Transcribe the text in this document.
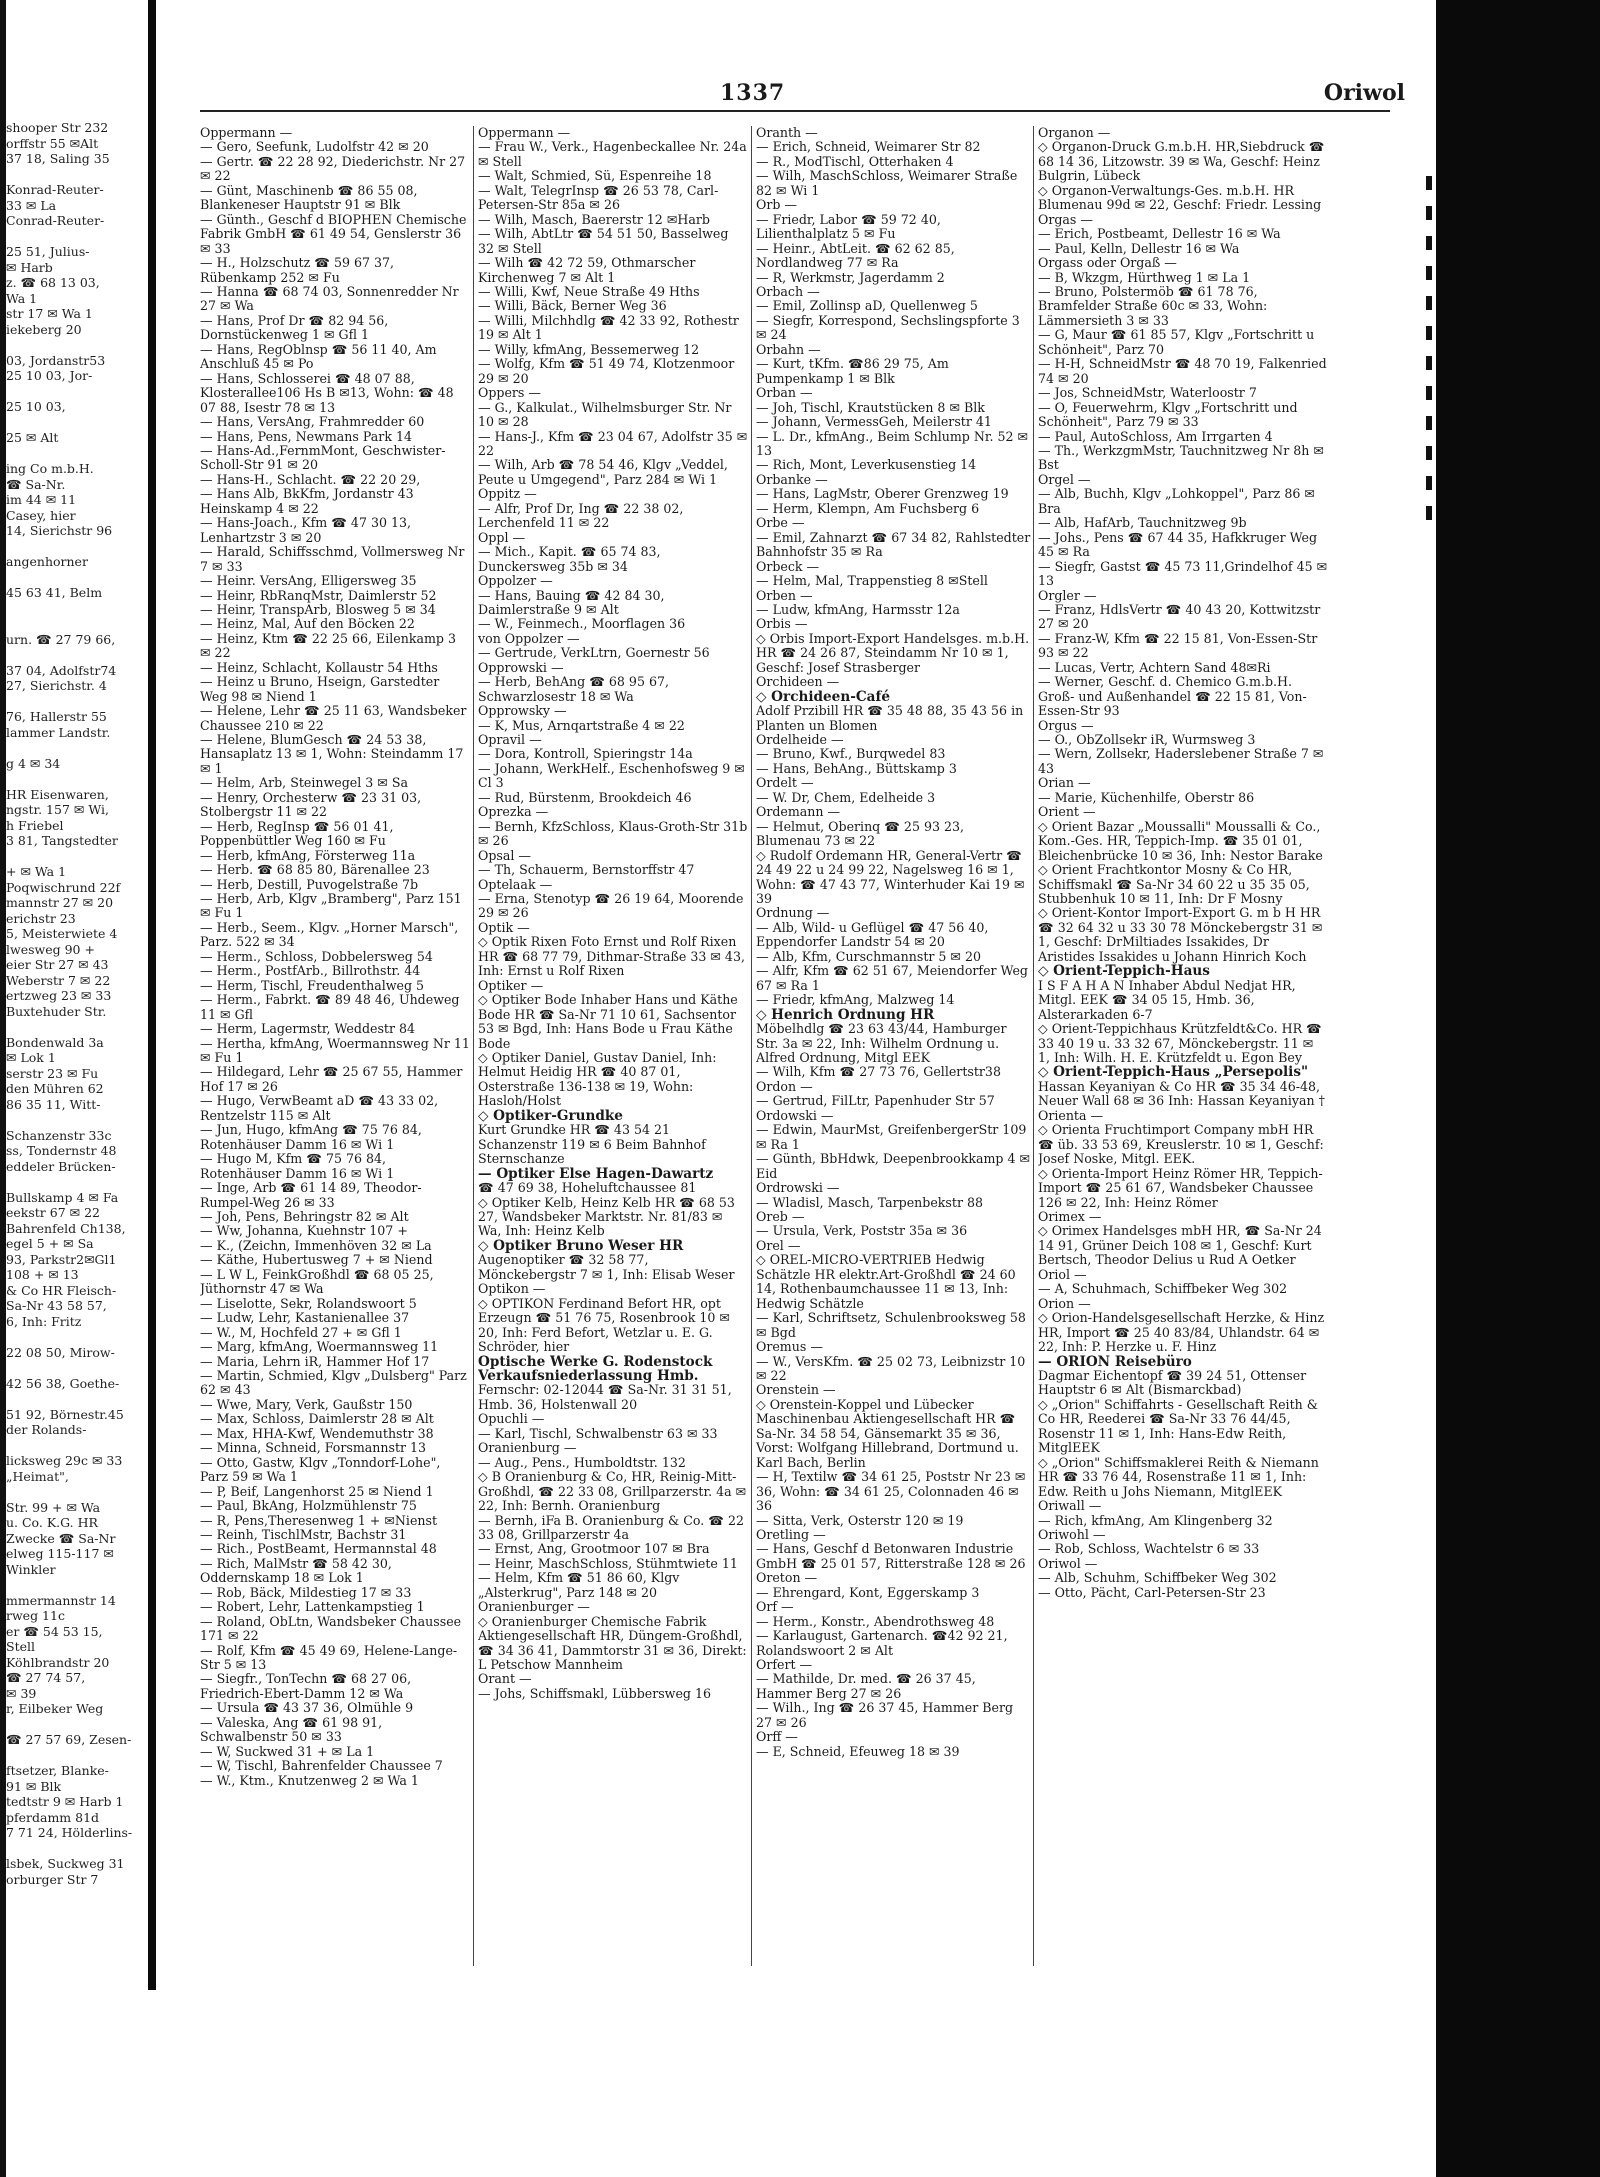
shooper Str 232
orffstr 55 ✉Alt
37 18, Saling 35

Konrad-Reuter-
33 ✉ La
Conrad-Reuter-

25 51, Julius-
✉ Harb
z. ☎ 68 13 03,
Wa 1
str 17 ✉ Wa 1
iekeberg 20

03, Jordanstr53
25 10 03, Jor-

25 10 03,

25 ✉ Alt

ing Co m.b.H.
☎ Sa-Nr.
im 44 ✉ 11
Casey, hier
14, Sierichstr 96

angenhorner

45 63 41, Belm

urn. ☎ 27 79 66,

37 04, Adolfstr74
27, Sierichstr. 4

76, Hallerstr 55
lammer Landstr.

g 4 ✉ 34

HR Eisenwaren,
ngstr. 157 ✉ Wi,
h Friebel
3 81, Tangstedter

+ ✉ Wa 1
Poqwischrund 22f
mannstr 27 ✉ 20
erichstr 23
5, Meisterwiete 4
lwesweg 90 +
eier Str 27 ✉ 43
Weberstr 7 ✉ 22
ertzweg 23 ✉ 33
Buxtehuder Str.

Bondenwald 3a
✉ Lok 1
serstr 23 ✉ Fu
den Mühren 62
86 35 11, Witt-

Schanzenstr 33c
ss, Tondernstr 48
eddeler Brücken-

Bullskamp 4 ✉ Fa
eekstr 67 ✉ 22
Bahrenfeld Ch138,
egel 5 + ✉ Sa
93, Parkstr2✉Gl1
108 + ✉ 13
& Co HR Fleisch-
Sa-Nr 43 58 57,
6, Inh: Fritz

22 08 50, Mirow-

42 56 38, Goethe-

51 92, Börnestr.45
der Rolands-

licksweg 29c ✉ 33
„Heimat",

Str. 99 + ✉ Wa
u. Co. K.G. HR
Zwecke ☎ Sa-Nr
elweg 115-117 ✉
Winkler

mmermannstr 14
rweg 11c
er ☎ 54 53 15,
Stell
Köhlbrandstr 20
☎ 27 74 57,
✉ 39
r, Eilbeker Weg

☎ 27 57 69, Zesen-

ftsetzer, Blanke-
91 ✉ Blk
tedtstr 9 ✉ Harb 1
pferdamm 81d
7 71 24, Hölderlins-

lsbek, Suckweg 31
orburger Str 7
1337	Oriwol
Oppermann —
— Gero, Seefunk, Ludolfstr 42 ✉ 20
— Gertr. ☎ 22 28 92, Diederichstr. Nr 27 ✉ 22
— Günt, Maschinenb ☎ 86 55 08, Blankeneser Hauptstr 91 ✉ Blk
— Günth., Geschf d BIOPHEN Chemische Fabrik GmbH ☎ 61 49 54, Genslerstr 36 ✉ 33
— H., Holzschutz ☎ 59 67 37, Rübenkamp 252 ✉ Fu
— Hanna ☎ 68 74 03, Sonnenredder Nr 27 ✉ Wa
— Hans, Prof Dr ☎ 82 94 56, Dornstückenweg 1 ✉ Gfl 1
— Hans, RegOblnsp ☎ 56 11 40, Am Anschluß 45 ✉ Po
— Hans, Schlosserei ☎ 48 07 88, Klosterallee106 Hs B ✉13, Wohn: ☎ 48 07 88, Isestr 78 ✉ 13
— Hans, VersAng, Frahmredder 60
— Hans, Pens, Newmans Park 14
— Hans-Ad.,FernmMont, Geschwister-Scholl-Str 91 ✉ 20
— Hans-H., Schlacht. ☎ 22 20 29,
— Hans Alb, BkKfm, Jordanstr 43 Heinskamp 4 ✉ 22
— Hans-Joach., Kfm ☎ 47 30 13, Lenhartzstr 3 ✉ 20
— Harald, Schiffsschmd, Vollmersweg Nr 7 ✉ 33
— Heinr. VersAng, Elligersweg 35
— Heinr, RbRanqMstr, Daimlerstr 52
— Heinr, TranspArb, Blosweg 5 ✉ 34
— Heinz, Mal, Auf den Böcken 22
— Heinz, Ktm ☎ 22 25 66, Eilenkamp 3 ✉ 22
— Heinz, Schlacht, Kollaustr 54 Hths
— Heinz u Bruno, Hseign, Garstedter Weg 98 ✉ Niend 1
— Helene, Lehr ☎ 25 11 63, Wandsbeker Chaussee 210 ✉ 22
— Helene, BlumGesch ☎ 24 53 38, Hansaplatz 13 ✉ 1, Wohn: Steindamm 17 ✉ 1
— Helm, Arb, Steinwegel 3 ✉ Sa
— Henry, Orchesterw ☎ 23 31 03, Stolbergstr 11 ✉ 22
— Herb, RegInsp ☎ 56 01 41, Poppenbüttler Weg 160 ✉ Fu
— Herb, kfmAng, Försterweg 11a
— Herb. ☎ 68 85 80, Bärenallee 23
— Herb, Destill, Puvogelstraße 7b
— Herb, Arb, Klgv „Bramberg", Parz 151 ✉ Fu 1
— Herb., Seem., Klgv. „Horner Marsch", Parz. 522 ✉ 34
— Herm., Schloss, Dobbelersweg 54
— Herm., PostfArb., Billrothstr. 44
— Herm, Tischl, Freudenthalweg 5
— Herm., Fabrkt. ☎ 89 48 46, Uhdeweg 11 ✉ Gfl
— Herm, Lagermstr, Weddestr 84
— Hertha, kfmAng, Woermannsweg Nr 11 ✉ Fu 1
— Hildegard, Lehr ☎ 25 67 55, Hammer Hof 17 ✉ 26
— Hugo, VerwBeamt aD ☎ 43 33 02, Rentzelstr 115 ✉ Alt
— Jun, Hugo, kfmAng ☎ 75 76 84, Rotenhäuser Damm 16 ✉ Wi 1
— Hugo M, Kfm ☎ 75 76 84, Rotenhäuser Damm 16 ✉ Wi 1
— Inge, Arb ☎ 61 14 89, Theodor-Rumpel-Weg 26 ✉ 33
— Joh, Pens, Behringstr 82 ✉ Alt
— Ww, Johanna, Kuehnstr 107 +
— K., (Zeichn, Immenhöven 32 ✉ La
— Käthe, Hubertusweg 7 + ✉ Niend
— L W L, FeinkGroßhdl ☎ 68 05 25, Jüthornstr 47 ✉ Wa
— Liselotte, Sekr, Rolandswoort 5
— Ludw, Lehr, Kastanienallee 37
— W., M, Hochfeld 27 + ✉ Gfl 1
— Marg, kfmAng, Woermannsweg 11
— Maria, Lehrn iR, Hammer Hof 17
— Martin, Schmied, Klgv „Dulsberg" Parz 62 ✉ 43
— Wwe, Mary, Verk, Gaußstr 150
— Max, Schloss, Daimlerstr 28 ✉ Alt
— Max, HHA-Kwf, Wendemuthstr 38
— Minna, Schneid, Forsmannstr 13
— Otto, Gastw, Klgv „Tonndorf-Lohe", Parz 59 ✉ Wa 1
— P, Beif, Langenhorst 25 ✉ Niend 1
— Paul, BkAng, Holzmühlenstr 75
— R, Pens,Theresenweg 1 + ✉Nienst
— Reinh, TischlMstr, Bachstr 31
— Rich., PostBeamt, Hermannstal 48
— Rich, MalMstr ☎ 58 42 30, Oddernskamp 18 ✉ Lok 1
— Rob, Bäck, Mildestieg 17 ✉ 33
— Robert, Lehr, Lattenkampstieg 1
— Roland, ObLtn, Wandsbeker Chaussee 171 ✉ 22
— Rolf, Kfm ☎ 45 49 69, Helene-Lange-Str 5 ✉ 13
— Siegfr., TonTechn ☎ 68 27 06, Friedrich-Ebert-Damm 12 ✉ Wa
— Ursula ☎ 43 37 36, Olmühle 9
— Valeska, Ang ☎ 61 98 91, Schwalbenstr 50 ✉ 33
— W, Suckwed 31 + ✉ La 1
— W, Tischl, Bahrenfelder Chaussee 7
— W., Ktm., Knutzenweg 2 ✉ Wa 1
Oppermann —
— Frau W., Verk., Hagenbeckallee Nr. 24a ✉ Stell
— Walt, Schmied, Sü, Espenreihe 18
— Walt, TelegrInsp ☎ 26 53 78, Carl-Petersen-Str 85a ✉ 26
— Wilh, Masch, Baererstr 12 ✉Harb
— Wilh, AbtLtr ☎ 54 51 50, Basselweg 32 ✉ Stell
— Wilh ☎ 42 72 59, Othmarscher Kirchenweg 7 ✉ Alt 1
— Willi, Kwf, Neue Straße 49 Hths
— Willi, Bäck, Berner Weg 36
— Willi, Milchhdlg ☎ 42 33 92, Rothestr 19 ✉ Alt 1
— Willy, kfmAng, Bessemerweg 12
— Wolfg, Kfm ☎ 51 49 74, Klotzenmoor 29 ✉ 20
Oppers —
— G., Kalkulat., Wilhelmsburger Str. Nr 10 ✉ 28
— Hans-J., Kfm ☎ 23 04 67, Adolfstr 35 ✉ 22
— Wilh, Arb ☎ 78 54 46, Klgv „Veddel, Peute u Umgegend", Parz 284 ✉ Wi 1
Oppitz —
— Alfr, Prof Dr, Ing ☎ 22 38 02, Lerchenfeld 11 ✉ 22
Oppl —
— Mich., Kapit. ☎ 65 74 83, Dunckersweg 35b ✉ 34
Oppolzer —
— Hans, Bauing ☎ 42 84 30, Daimlerstraße 9 ✉ Alt
— W., Feinmech., Moorflagen 36
von Oppolzer —
— Gertrude, VerkLtrn, Goernestr 56
Opprowski —
— Herb, BehAng ☎ 68 95 67, Schwarzlosestr 18 ✉ Wa
Opprowsky —
— K, Mus, Arnqartstraße 4 ✉ 22
Opravil —
— Dora, Kontroll, Spieringstr 14a
— Johann, WerkHelf., Eschenhofsweg 9 ✉ Cl 3
— Rud, Bürstenm, Brookdeich 46
Oprezka —
— Bernh, KfzSchloss, Klaus-Groth-Str 31b ✉ 26
Opsal —
— Th, Schauerm, Bernstorffstr 47
Optelaak —
— Erna, Stenotyp ☎ 26 19 64, Moorende 29 ✉ 26
Optik —
◇ Optik Rixen Foto Ernst und Rolf Rixen HR ☎ 68 77 79, Dithmar-Straße 33 ✉ 43, Inh: Ernst u Rolf Rixen
Optiker —
◇ Optiker Bode Inhaber Hans und Käthe Bode HR ☎ Sa-Nr 71 10 61, Sachsentor 53 ✉ Bgd, Inh: Hans Bode u Frau Käthe Bode
◇ Optiker Daniel, Gustav Daniel, Inh: Helmut Heidig HR ☎ 40 87 01, Osterstraße 136-138 ✉ 19, Wohn: Hasloh/Holst
◇ Optiker-Grundke
Kurt Grundke HR ☎ 43 54 21 Schanzenstr 119 ✉ 6 Beim Bahnhof Sternschanze
— Optiker Else Hagen-Dawartz
☎ 47 69 38, Hoheluftchaussee 81
◇ Optiker Kelb, Heinz Kelb HR ☎ 68 53 27, Wandsbeker Marktstr. Nr. 81/83 ✉ Wa, Inh: Heinz Kelb
◇ Optiker Bruno Weser HR
Augenoptiker ☎ 32 58 77, Mönckebergstr 7 ✉ 1, Inh: Elisab Weser
Optikon —
◇ OPTIKON Ferdinand Befort HR, opt Erzeugn ☎ 51 76 75, Rosenbrook 10 ✉ 20, Inh: Ferd Befort, Wetzlar u. E. G. Schröder, hier
Optische Werke G. Rodenstock Verkaufsniederlassung Hmb.
Fernschr: 02-12044 ☎ Sa-Nr. 31 31 51, Hmb. 36, Holstenwall 20
Opuchli —
— Karl, Tischl, Schwalbenstr 63 ✉ 33
Oranienburg —
— Aug., Pens., Humboldtstr. 132
◇ B Oranienburg & Co, HR, Reinig-Mitt-Großhdl, ☎ 22 33 08, Grillparzerstr. 4a ✉ 22, Inh: Bernh. Oranienburg
— Bernh, iFa B. Oranienburg & Co. ☎ 22 33 08, Grillparzerstr 4a
— Ernst, Ang, Grootmoor 107 ✉ Bra
— Heinr, MaschSchloss, Stühmtwiete 11
— Helm, Kfm ☎ 51 86 60, Klgv „Alsterkrug", Parz 148 ✉ 20
Oranienburger —
◇ Oranienburger Chemische Fabrik Aktiengesellschaft HR, Düngem-Großhdl, ☎ 34 36 41, Dammtorstr 31 ✉ 36, Direkt: L Petschow Mannheim
Orant —
— Johs, Schiffsmakl, Lübbersweg 16
Oranth —
— Erich, Schneid, Weimarer Str 82
— R., ModTischl, Otterhaken 4
— Wilh, MaschSchloss, Weimarer Straße 82 ✉ Wi 1
Orb —
— Friedr, Labor ☎ 59 72 40, Lilienthalplatz 5 ✉ Fu
— Heinr., AbtLeit. ☎ 62 62 85, Nordlandweg 77 ✉ Ra
— R, Werkmstr, Jagerdamm 2
Orbach —
— Emil, Zollinsp aD, Quellenweg 5
— Siegfr, Korrespond, Sechslingspforte 3 ✉ 24
Orbahn —
— Kurt, tKfm. ☎86 29 75, Am Pumpenkamp 1 ✉ Blk
Orban —
— Joh, Tischl, Krautstücken 8 ✉ Blk
— Johann, VermessGeh, Meilerstr 41
— L. Dr., kfmAng., Beim Schlump Nr. 52 ✉ 13
— Rich, Mont, Leverkusenstieg 14
Orbanke —
— Hans, LagMstr, Oberer Grenzweg 19
— Herm, Klempn, Am Fuchsberg 6
Orbe —
— Emil, Zahnarzt ☎ 67 34 82, Rahlstedter Bahnhofstr 35 ✉ Ra
Orbeck —
— Helm, Mal, Trappenstieg 8 ✉Stell
Orben —
— Ludw, kfmAng, Harmsstr 12a
Orbis —
◇ Orbis Import-Export Handelsges. m.b.H. HR ☎ 24 26 87, Steindamm Nr 10 ✉ 1, Geschf: Josef Strasberger
Orchideen —
◇ Orchideen-Café
Adolf Przibill HR ☎ 35 48 88, 35 43 56 in Planten un Blomen
Ordelheide —
— Bruno, Kwf., Burqwedel 83
— Hans, BehAng., Büttskamp 3
Ordelt —
— W. Dr, Chem, Edelheide 3
Ordemann —
— Helmut, Oberinq ☎ 25 93 23, Blumenau 73 ✉ 22
◇ Rudolf Ordemann HR, General-Vertr ☎ 24 49 22 u 24 99 22, Nagelsweg 16 ✉ 1, Wohn: ☎ 47 43 77, Winterhuder Kai 19 ✉ 39
Ordnung —
— Alb, Wild- u Geflügel ☎ 47 56 40, Eppendorfer Landstr 54 ✉ 20
— Alb, Kfm, Curschmannstr 5 ✉ 20
— Alfr, Kfm ☎ 62 51 67, Meiendorfer Weg 67 ✉ Ra 1
— Friedr, kfmAng, Malzweg 14
◇ Henrich Ordnung HR
Möbelhdlg ☎ 23 63 43/44, Hamburger Str. 3a ✉ 22, Inh: Wilhelm Ordnung u. Alfred Ordnung, Mitgl EEK
— Wilh, Kfm ☎ 27 73 76, Gellertstr38
Ordon —
— Gertrud, FilLtr, Papenhuder Str 57
Ordowski —
— Edwin, MaurMst, GreifenbergerStr 109 ✉ Ra 1
— Günth, BbHdwk, Deepenbrookkamp 4 ✉ Eid
Ordrowski —
— Wladisl, Masch, Tarpenbekstr 88
Oreb —
— Ursula, Verk, Poststr 35a ✉ 36
Orel —
◇ OREL-MICRO-VERTRIEB Hedwig Schätzle HR elektr.Art-Großhdl ☎ 24 60 14, Rothenbaumchaussee 11 ✉ 13, Inh: Hedwig Schätzle
— Karl, Schriftsetz, Schulenbrooksweg 58 ✉ Bgd
Oremus —
— W., VersKfm. ☎ 25 02 73, Leibnizstr 10 ✉ 22
Orenstein —
◇ Orenstein-Koppel und Lübecker Maschinenbau Aktiengesellschaft HR ☎ Sa-Nr. 34 58 54, Gänsemarkt 35 ✉ 36, Vorst: Wolfgang Hillebrand, Dortmund u. Karl Bach, Berlin
— H, Textilw ☎ 34 61 25, Poststr Nr 23 ✉ 36, Wohn: ☎ 34 61 25, Colonnaden 46 ✉ 36
— Sitta, Verk, Osterstr 120 ✉ 19
Oretling —
— Hans, Geschf d Betonwaren Industrie GmbH ☎ 25 01 57, Ritterstraße 128 ✉ 26
Oreton —
— Ehrengard, Kont, Eggerskamp 3
Orf —
— Herm., Konstr., Abendrothsweg 48
— Karlaugust, Gartenarch. ☎42 92 21, Rolandswoort 2 ✉ Alt
Orfert —
— Mathilde, Dr. med. ☎ 26 37 45, Hammer Berg 27 ✉ 26
— Wilh., Ing ☎ 26 37 45, Hammer Berg 27 ✉ 26
Orff —
— E, Schneid, Efeuweg 18 ✉ 39
Organon —
◇ Organon-Druck G.m.b.H. HR,Siebdruck ☎ 68 14 36, Litzowstr. 39 ✉ Wa, Geschf: Heinz Bulgrin, Lübeck
◇ Organon-Verwaltungs-Ges. m.b.H. HR Blumenau 99d ✉ 22, Geschf: Friedr. Lessing
Orgas —
— Erich, Postbeamt, Dellestr 16 ✉ Wa
— Paul, Kelln, Dellestr 16 ✉ Wa
Orgass oder Orgaß —
— B, Wkzgm, Hürthweg 1 ✉ La 1
— Bruno, Polstermöb ☎ 61 78 76, Bramfelder Straße 60c ✉ 33, Wohn: Lämmersieth 3 ✉ 33
— G, Maur ☎ 61 85 57, Klgv „Fortschritt u Schönheit", Parz 70
— H-H, SchneidMstr ☎ 48 70 19, Falkenried 74 ✉ 20
— Jos, SchneidMstr, Waterloostr 7
— O, Feuerwehrm, Klgv „Fortschritt und Schönheit", Parz 79 ✉ 33
— Paul, AutoSchloss, Am Irrgarten 4
— Th., WerkzgmMstr, Tauchnitzweg Nr 8h ✉ Bst
Orgel —
— Alb, Buchh, Klgv „Lohkoppel", Parz 86 ✉ Bra
— Alb, HafArb, Tauchnitzweg 9b
— Johs., Pens ☎ 67 44 35, Hafkkruger Weg 45 ✉ Ra
— Siegfr, Gastst ☎ 45 73 11,Grindelhof 45 ✉ 13
Orgler —
— Franz, HdlsVertr ☎ 40 43 20, Kottwitzstr 27 ✉ 20
— Franz-W, Kfm ☎ 22 15 81, Von-Essen-Str 93 ✉ 22
— Lucas, Vertr, Achtern Sand 48✉Ri
— Werner, Geschf. d. Chemico G.m.b.H. Groß- und Außenhandel ☎ 22 15 81, Von-Essen-Str 93
Orgus —
— O., ObZollsekr iR, Wurmsweg 3
— Wern, Zollsekr, Haderslebener Straße 7 ✉ 43
Orian —
— Marie, Küchenhilfe, Oberstr 86
Orient —
◇ Orient Bazar „Moussalli" Moussalli & Co., Kom.-Ges. HR, Teppich-Imp. ☎ 35 01 01, Bleichenbrücke 10 ✉ 36, Inh: Nestor Barake
◇ Orient Frachtkontor Mosny & Co HR, Schiffsmakl ☎ Sa-Nr 34 60 22 u 35 35 05, Stubbenhuk 10 ✉ 11, Inh: Dr F Mosny
◇ Orient-Kontor Import-Export G. m b H HR ☎ 32 64 32 u 33 30 78 Mönckebergstr 31 ✉ 1, Geschf: DrMiltiades Issakides, Dr Aristides Issakides u Johann Hinrich Koch
◇ Orient-Teppich-Haus
I S F A H A N Inhaber Abdul Nedjat HR, Mitgl. EEK ☎ 34 05 15, Hmb. 36, Alsterarkaden 6-7
◇ Orient-Teppichhaus Krützfeldt&Co. HR ☎ 33 40 19 u. 33 32 67, Mönckebergstr. 11 ✉ 1, Inh: Wilh. H. E. Krützfeldt u. Egon Bey
◇ Orient-Teppich-Haus „Persepolis"
Hassan Keyaniyan & Co HR ☎ 35 34 46-48, Neuer Wall 68 ✉ 36 Inh: Hassan Keyaniyan †
Orienta —
◇ Orienta Fruchtimport Company mbH HR ☎ üb. 33 53 69, Kreuslerstr. 10 ✉ 1, Geschf: Josef Noske, Mitgl. EEK.
◇ Orienta-Import Heinz Römer HR, Teppich-Import ☎ 25 61 67, Wandsbeker Chaussee 126 ✉ 22, Inh: Heinz Römer
Orimex —
◇ Orimex Handelsges mbH HR, ☎ Sa-Nr 24 14 91, Grüner Deich 108 ✉ 1, Geschf: Kurt Bertsch, Theodor Delius u Rud A Oetker
Oriol —
— A, Schuhmach, Schiffbeker Weg 302
Orion —
◇ Orion-Handelsgesellschaft Herzke, & Hinz HR, Import ☎ 25 40 83/84, Uhlandstr. 64 ✉ 22, Inh: P. Herzke u. F. Hinz
— ORION Reisebüro
Dagmar Eichentopf ☎ 39 24 51, Ottenser Hauptstr 6 ✉ Alt (Bismarckbad)
◇ „Orion" Schiffahrts - Gesellschaft Reith & Co HR, Reederei ☎ Sa-Nr 33 76 44/45, Rosenstr 11 ✉ 1, Inh: Hans-Edw Reith, MitglEEK
◇ „Orion" Schiffsmaklerei Reith & Niemann HR ☎ 33 76 44, Rosenstraße 11 ✉ 1, Inh: Edw. Reith u Johs Niemann, MitglEEK
Oriwall —
— Rich, kfmAng, Am Klingenberg 32
Oriwohl —
— Rob, Schloss, Wachtelstr 6 ✉ 33
Oriwol —
— Alb, Schuhm, Schiffbeker Weg 302
— Otto, Pächt, Carl-Petersen-Str 23
